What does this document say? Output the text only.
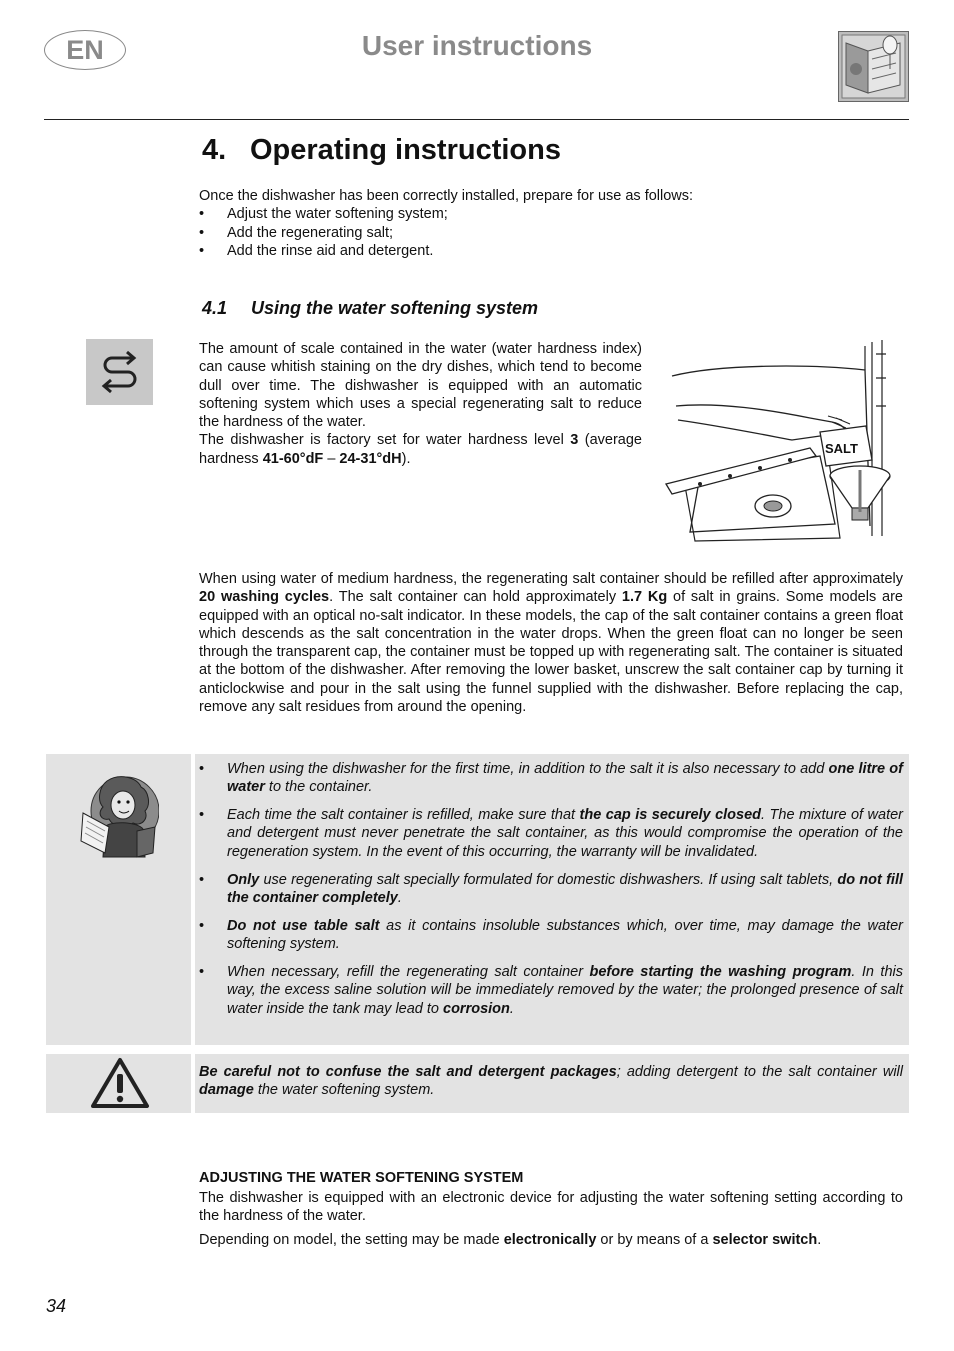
EN	User instructions
4. Operating instructions
Once the dishwasher has been correctly installed, prepare for use as follows:
• Adjust the water softening system;
• Add the regenerating salt;
• Add the rinse aid and detergent.
4.1 Using the water softening system
The amount of scale contained in the water (water hardness index) can cause whitish staining on the dry dishes, which tend to become dull over time. The dishwasher is equipped with an automatic softening system which uses a special regenerating salt to reduce the hardness of the water.
The dishwasher is factory set for water hardness level 3 (average hardness 41-60°dF – 24-31°dH).
SALT
When using water of medium hardness, the regenerating salt container should be refilled after approximately 20 washing cycles. The salt container can hold approximately 1.7 Kg of salt in grains. Some models are equipped with an optical no-salt indicator. In these models, the cap of the salt container contains a green float which descends as the salt concentration in the water drops. When the green float can no longer be seen through the transparent cap, the container must be topped up with regenerating salt. The container is situated at the bottom of the dishwasher. After removing the lower basket, unscrew the salt container cap by turning it anticlockwise and pour in the salt using the funnel supplied with the dishwasher. Before replacing the cap, remove any salt residues from around the opening.
• When using the dishwasher for the first time, in addition to the salt it is also necessary to add one litre of water to the container.
• Each time the salt container is refilled, make sure that the cap is securely closed. The mixture of water and detergent must never penetrate the salt container, as this would compromise the operation of the regeneration system. In the event of this occurring, the warranty will be invalidated.
• Only use regenerating salt specially formulated for domestic dishwashers. If using salt tablets, do not fill the container completely.
• Do not use table salt as it contains insoluble substances which, over time, may damage the water softening system.
• When necessary, refill the regenerating salt container before starting the washing program. In this way, the excess saline solution will be immediately removed by the water; the prolonged presence of salt water inside the tank may lead to corrosion.
Be careful not to confuse the salt and detergent packages; adding detergent to the salt container will damage the water softening system.
ADJUSTING THE WATER SOFTENING SYSTEM
The dishwasher is equipped with an electronic device for adjusting the water softening setting according to the hardness of the water.
Depending on model, the setting may be made electronically or by means of a selector switch.
34
